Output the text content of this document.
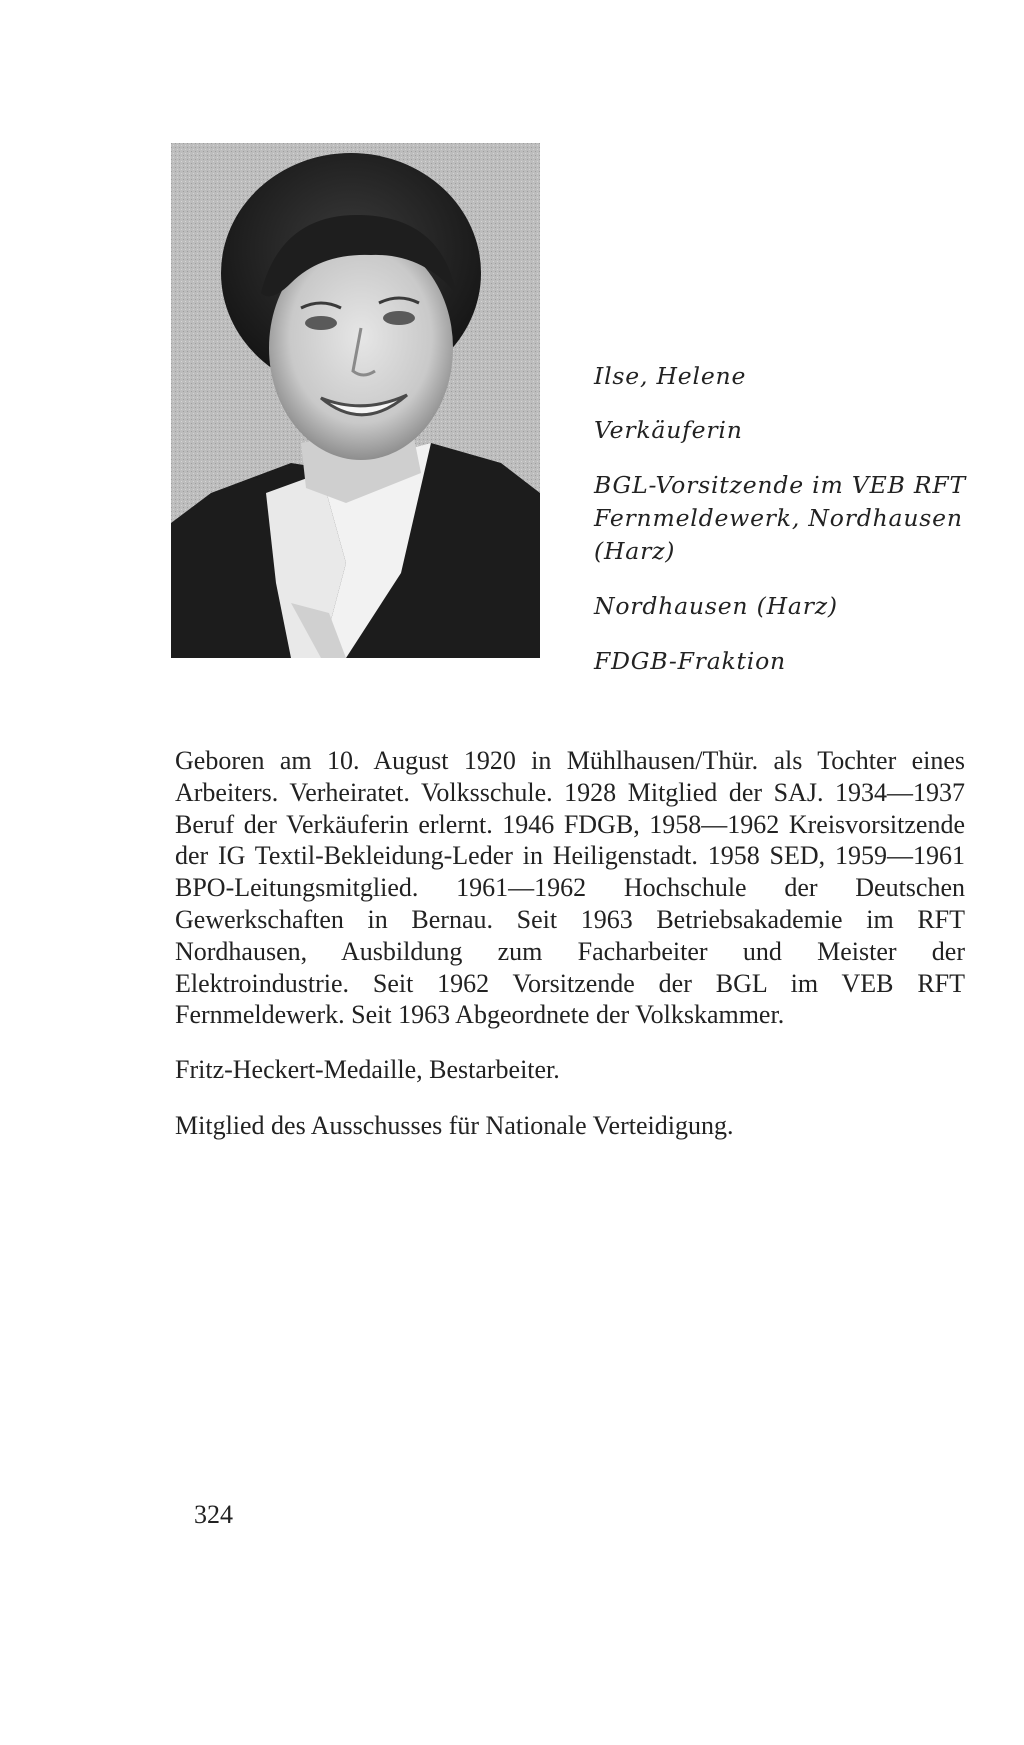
Ilse, Helene

Verkäuferin

BGL-Vorsitzende im VEB RFT Fernmeldewerk, Nordhausen (Harz)

Nordhausen (Harz)

FDGB-Fraktion

Geboren am 10. August 1920 in Mühlhausen/Thür. als Tochter eines Arbeiters. Verheiratet. Volksschule. 1928 Mitglied der SAJ. 1934—1937 Beruf der Verkäuferin erlernt. 1946 FDGB, 1958—1962 Kreisvorsitzende der IG Textil-Bekleidung-Leder in Heiligenstadt. 1958 SED, 1959—1961 BPO-Leitungsmitglied. 1961—1962 Hochschule der Deutschen Gewerkschaften in Bernau. Seit 1963 Betriebsakademie im RFT Nordhausen, Ausbildung zum Facharbeiter und Meister der Elektroindustrie. Seit 1962 Vorsitzende der BGL im VEB RFT Fernmeldewerk. Seit 1963 Abgeordnete der Volkskammer.

Fritz-Heckert-Medaille, Bestarbeiter.

Mitglied des Ausschusses für Nationale Verteidigung.

324
